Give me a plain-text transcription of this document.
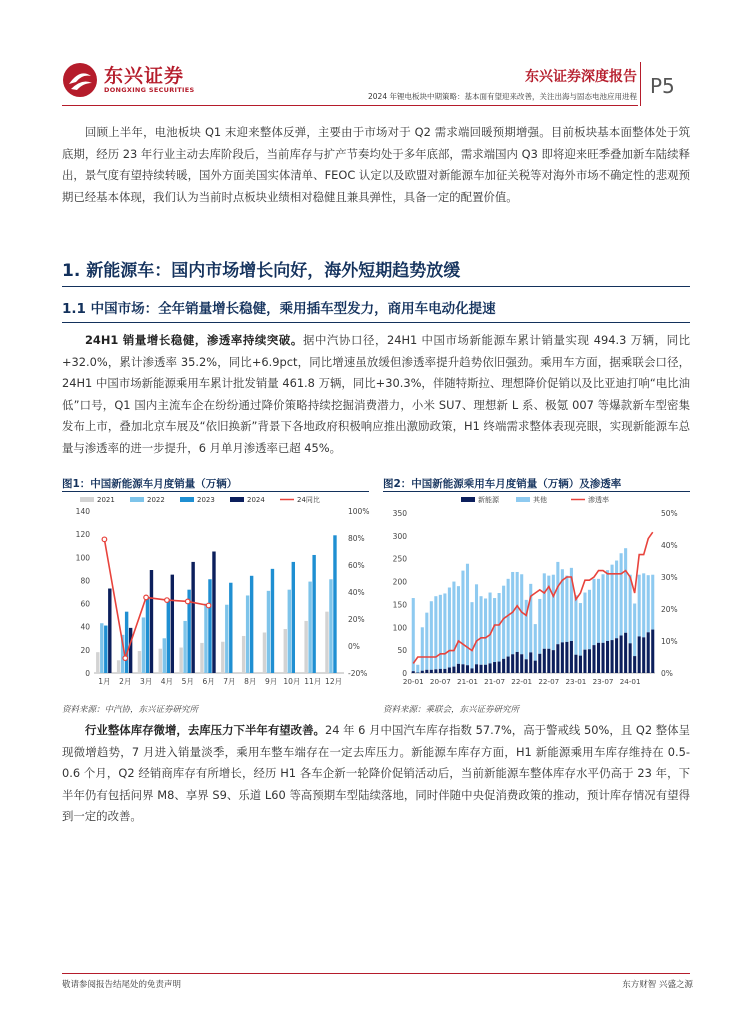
东兴证券
DONGXING SECURITIES
东兴证券深度报告
2024 年锂电板块中期策略：基本面有望迎来改善，关注出海与固态电池应用进程 P5
回顾上半年，电池板块 Q1 末迎来整体反弹，主要由于市场对于 Q2 需求端回暖预期增强。目前板块基本面整体处于筑底期，经历 23 年行业主动去库阶段后，当前库存与扩产节奏均处于多年底部，需求端国内 Q3 即将迎来旺季叠加新车陆续释出，景气度有望持续转暖，国外方面美国实体清单、FEOC 认定以及欧盟对新能源车加征关税等对海外市场不确定性的悲观预期已经基本体现，我们认为当前时点板块业绩相对稳健且兼具弹性，具备一定的配置价值。
1. 新能源车：国内市场增长向好，海外短期趋势放缓
1.1 中国市场：全年销量增长稳健，乘用插车型发力，商用车电动化提速
24H1 销量增长稳健，渗透率持续突破。据中汽协口径，24H1 中国市场新能源车累计销量实现 494.3 万辆，同比+32.0%，累计渗透率 35.2%，同比+6.9pct，同比增速虽放缓但渗透率提升趋势依旧强劲。乘用车方面，据乘联会口径，24H1 中国市场新能源乘用车累计批发销量 461.8 万辆，同比+30.3%，伴随特斯拉、理想降价促销以及比亚迪打响“电比油低”口号，Q1 国内主流车企在纷纷通过降价策略持续挖掘消费潜力，小米 SU7、理想新 L 系、极氪 007 等爆款新车型密集发布上市，叠加北京车展及“依旧换新”背景下各地政府积极响应推出激励政策，H1 终端需求整体表现亮眼，实现新能源车总量与渗透率的进一步提升，6 月单月渗透率已超 45%。
图1：中国新能源车月度销量（万辆）
2021	2022	2023	2024	24同比
0
20
40
60
80
100
120
140
-20%
0%
20%
40%
60%
80%
100%
1月 2月 3月 4月 5月 6月 7月 8月 9月 10月 11月 12月
资料来源：中汽协，东兴证券研究所
图2：中国新能源乘用车月度销量（万辆）及渗透率
新能源	其他	渗透率
0
50
100
150
200
250
300
350
0%
10%
20%
30%
40%
50%
20-01 20-07 21-01 21-07 22-01 22-07 23-01 23-07 24-01
资料来源：乘联会，东兴证券研究所
行业整体库存微增，去库压力下半年有望改善。24 年 6 月中国汽车库存指数 57.7%，高于警戒线 50%，且 Q2 整体呈现微增趋势，7 月进入销量淡季，乘用车整车端存在一定去库压力。新能源车库存方面，H1 新能源乘用车库存维持在 0.5-0.6 个月，Q2 经销商库存有所增长，经历 H1 各车企新一轮降价促销活动后，当前新能源车整体库存水平仍高于 23 年，下半年仍有包括问界 M8、享界 S9、乐道 L60 等高预期车型陆续落地，同时伴随中央促消费政策的推动，预计库存情况有望得到一定的改善。
敬请参阅报告结尾处的免责声明	东方财智 兴盛之源
